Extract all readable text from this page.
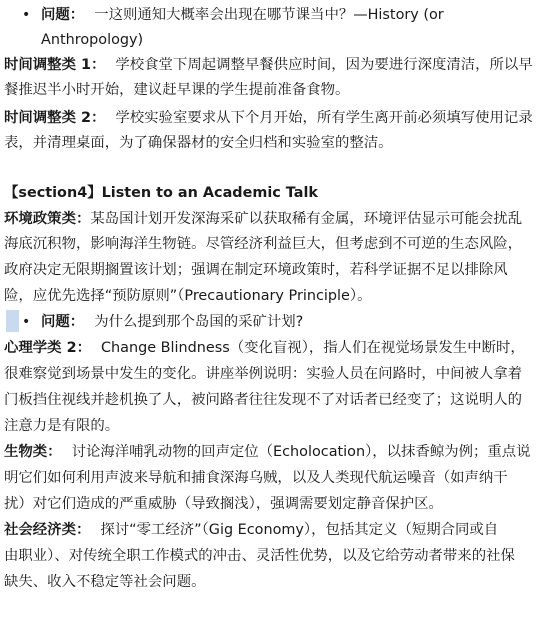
• 问题： 一这则通知大概率会出现在哪节课当中？—History (or
Anthropology)
时间调整类 1： 学校食堂下周起调整早餐供应时间，因为要进行深度清洁，所以早
餐推迟半小时开始，建议赶早课的学生提前准备食物。
时间调整类 2： 学校实验室要求从下个月开始，所有学生离开前必须填写使用记录
表，并清理桌面，为了确保器材的安全归档和实验室的整洁。
【section4】Listen to an Academic Talk
环境政策类：某岛国计划开发深海采矿以获取稀有金属，环境评估显示可能会扰乱
海底沉积物，影响海洋生物链。尽管经济利益巨大，但考虑到不可逆的生态风险，
政府决定无限期搁置该计划；强调在制定环境政策时，若科学证据不足以排除风
险，应优先选择“预防原则”（Precautionary Principle）。
• 问题： 为什么提到那个岛国的采矿计划?
心理学类 2： Change Blindness（变化盲视），指人们在视觉场景发生中断时，
很难察觉到场景中发生的变化。讲座举例说明：实验人员在问路时，中间被人拿着
门板挡住视线并趁机换了人，被问路者往往发现不了对话者已经变了；这说明人的
注意力是有限的。
生物类： 讨论海洋哺乳动物的回声定位（Echolocation），以抹香鲸为例；重点说
明它们如何利用声波来导航和捕食深海乌贼，以及人类现代航运噪音（如声纳干
扰）对它们造成的严重威胁（导致搁浅），强调需要划定静音保护区。
社会经济类： 探讨“零工经济”（Gig Economy），包括其定义（短期合同或自
由职业）、对传统全职工作模式的冲击、灵活性优势，以及它给劳动者带来的社保
缺失、收入不稳定等社会问题。
